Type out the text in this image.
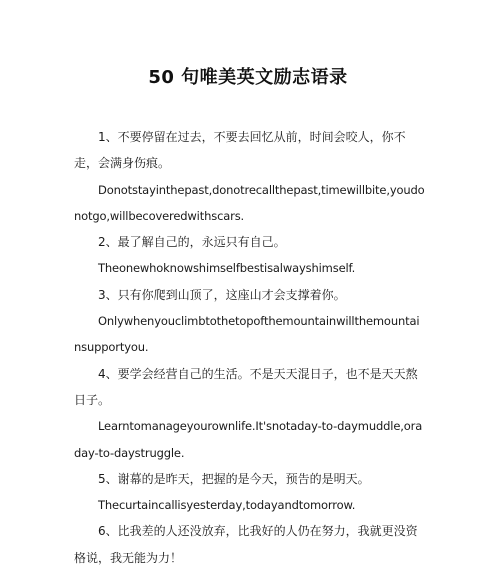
50 句唯美英文励志语录

1、不要停留在过去，不要去回忆从前，时间会咬人，你不走，会满身伤痕。

Donotstayinthepast,donotrecallthepast,timewillbite,youdonotgo,willbecoveredwithscars.

2、最了解自己的，永远只有自己。

Theonewhoknowshimselfbestisalwayshimself.

3、只有你爬到山顶了，这座山才会支撑着你。

Onlywhenyouclimbtothetopofthemountainwillthemountainsupportyou.

4、要学会经营自己的生活。不是天天混日子，也不是天天熬日子。

Learntomanageyourownlife.It'snotaday-to-daymuddle,oraday-to-daystruggle.

5、谢幕的是昨天，把握的是今天，预告的是明天。

Thecurtaincallisyesterday,todayandtomorrow.

6、比我差的人还没放弃，比我好的人仍在努力，我就更没资格说，我无能为力！
